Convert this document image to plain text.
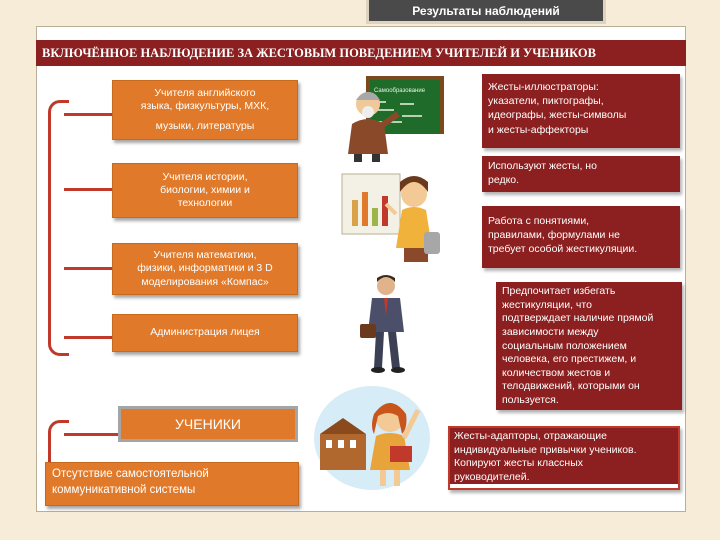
Результаты наблюдений
ВКЛЮЧЁННОЕ НАБЛЮДЕНИЕ ЗА ЖЕСТОВЫМ ПОВЕДЕНИЕМ УЧИТЕЛЕЙ И УЧЕНИКОВ
Учителя английского
языка, физкультуры, МХК,
музыки, литературы
Учителя истории,
биологии, химии и
технологии
Учителя математики,
физики, информатики и 3 D
моделирования «Компас»
Администрация лицея
УЧЕНИКИ
Отсутствие самостоятельной коммуникативной системы
Самообразование	Жесты-иллюстраторы:
указатели, пиктографы,
идеографы, жесты-символы
и жесты-аффекторы
Используют жесты, но
редко.
Работа с понятиями,
правилами, формулами не
требует особой жестикуляции.
Предпочитает избегать
жестикуляции, что
подтверждает наличие прямой
зависимости между
социальным положением
человека, его престижем, и
количеством жестов и
телодвижений, которыми он
пользуется.
Жесты-адапторы, отражающие
индивидуальные привычки учеников.
Копируют жесты классных
руководителей.
